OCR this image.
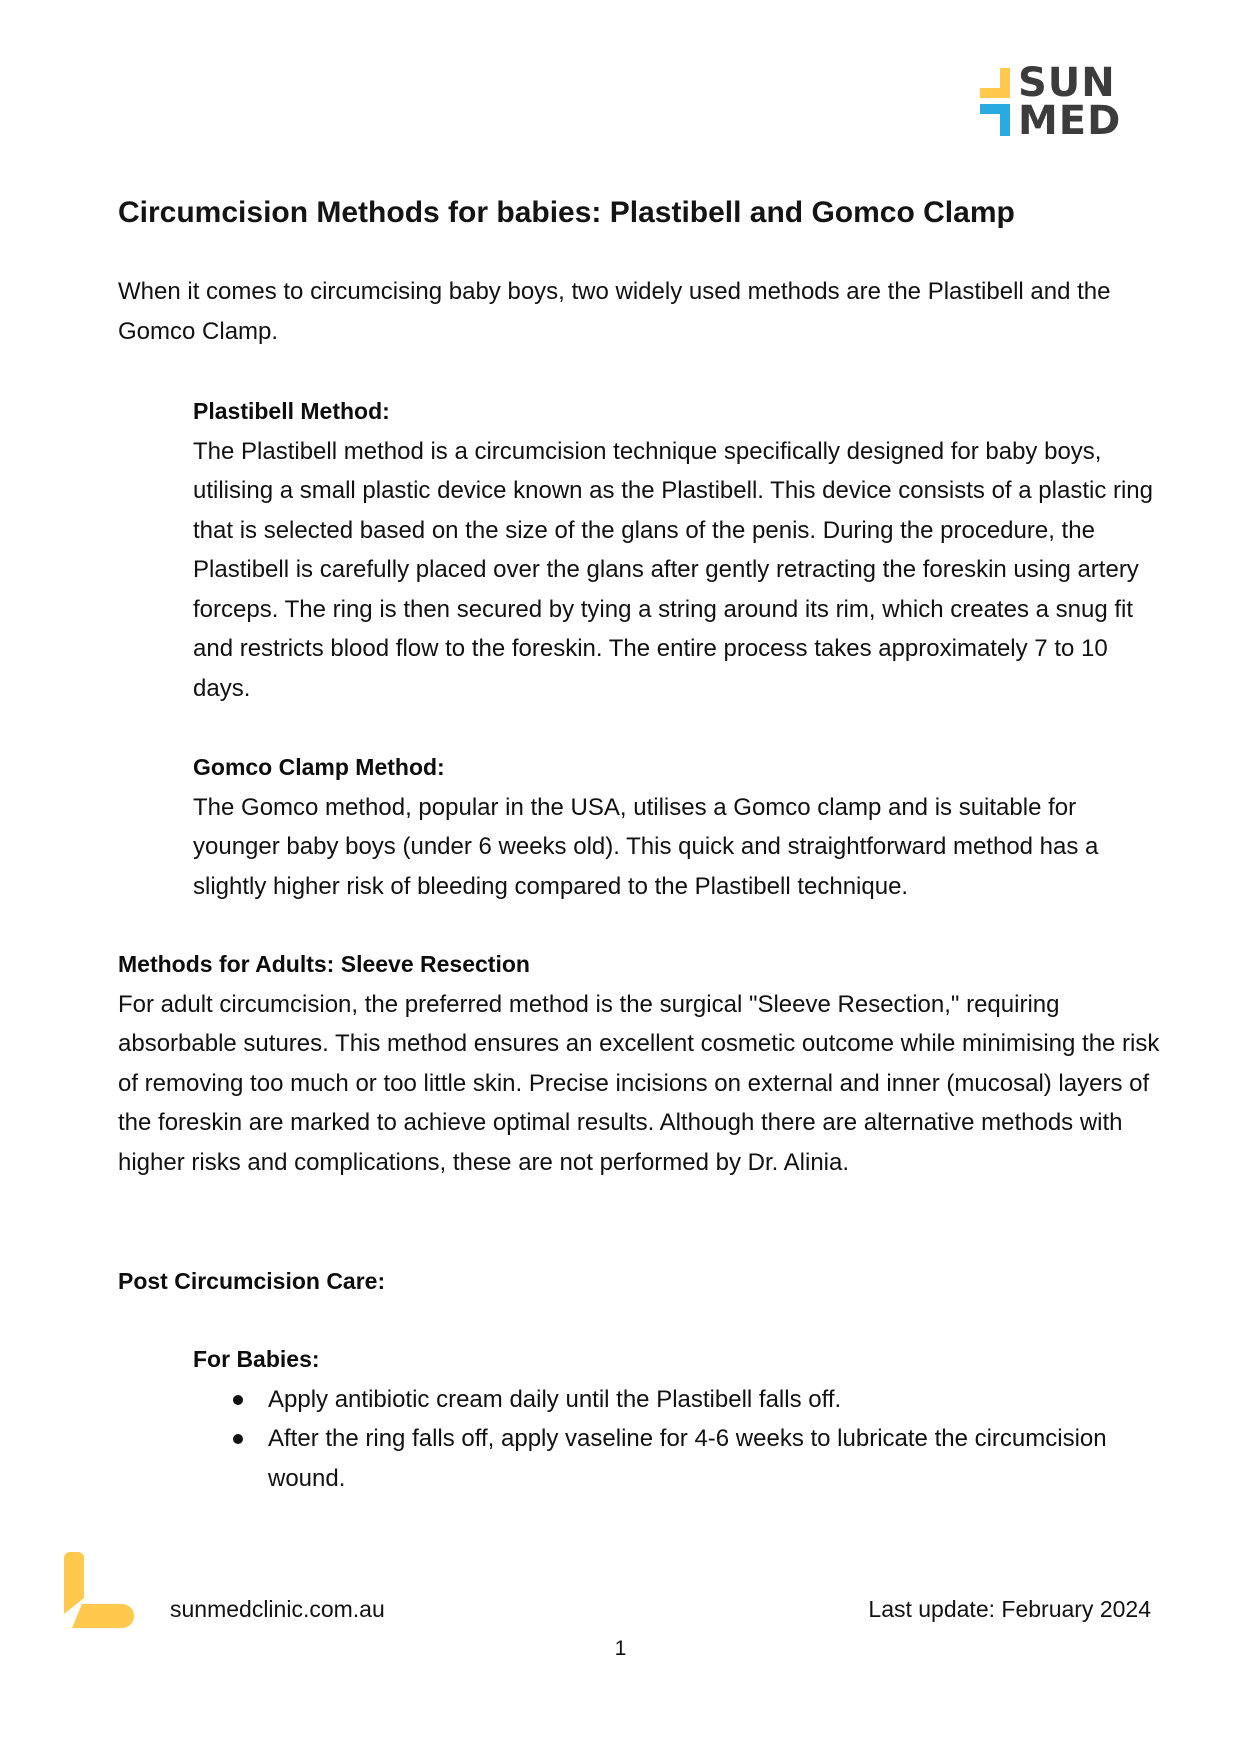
SUN
MED
Circumcision Methods for babies: Plastibell and Gomco Clamp

When it comes to circumcising baby boys, two widely used methods are the Plastibell and the Gomco Clamp.

Plastibell Method:

The Plastibell method is a circumcision technique specifically designed for baby boys, utilising a small plastic device known as the Plastibell. This device consists of a plastic ring that is selected based on the size of the glans of the penis. During the procedure, the Plastibell is carefully placed over the glans after gently retracting the foreskin using artery forceps. The ring is then secured by tying a string around its rim, which creates a snug fit and restricts blood flow to the foreskin. The entire process takes approximately 7 to 10 days.

Gomco Clamp Method:

The Gomco method, popular in the USA, utilises a Gomco clamp and is suitable for younger baby boys (under 6 weeks old). This quick and straightforward method has a slightly higher risk of bleeding compared to the Plastibell technique.

Methods for Adults: Sleeve Resection

For adult circumcision, the preferred method is the surgical "Sleeve Resection," requiring absorbable sutures. This method ensures an excellent cosmetic outcome while minimising the risk of removing too much or too little skin. Precise incisions on external and inner (mucosal) layers of the foreskin are marked to achieve optimal results. Although there are alternative methods with higher risks and complications, these are not performed by Dr. Alinia.

Post Circumcision Care:
For Babies:
Apply antibiotic cream daily until the Plastibell falls off.
After the ring falls off, apply vaseline for 4-6 weeks to lubricate the circumcision wound.
sunmedclinic.com.au	Last update: February 2024
1
